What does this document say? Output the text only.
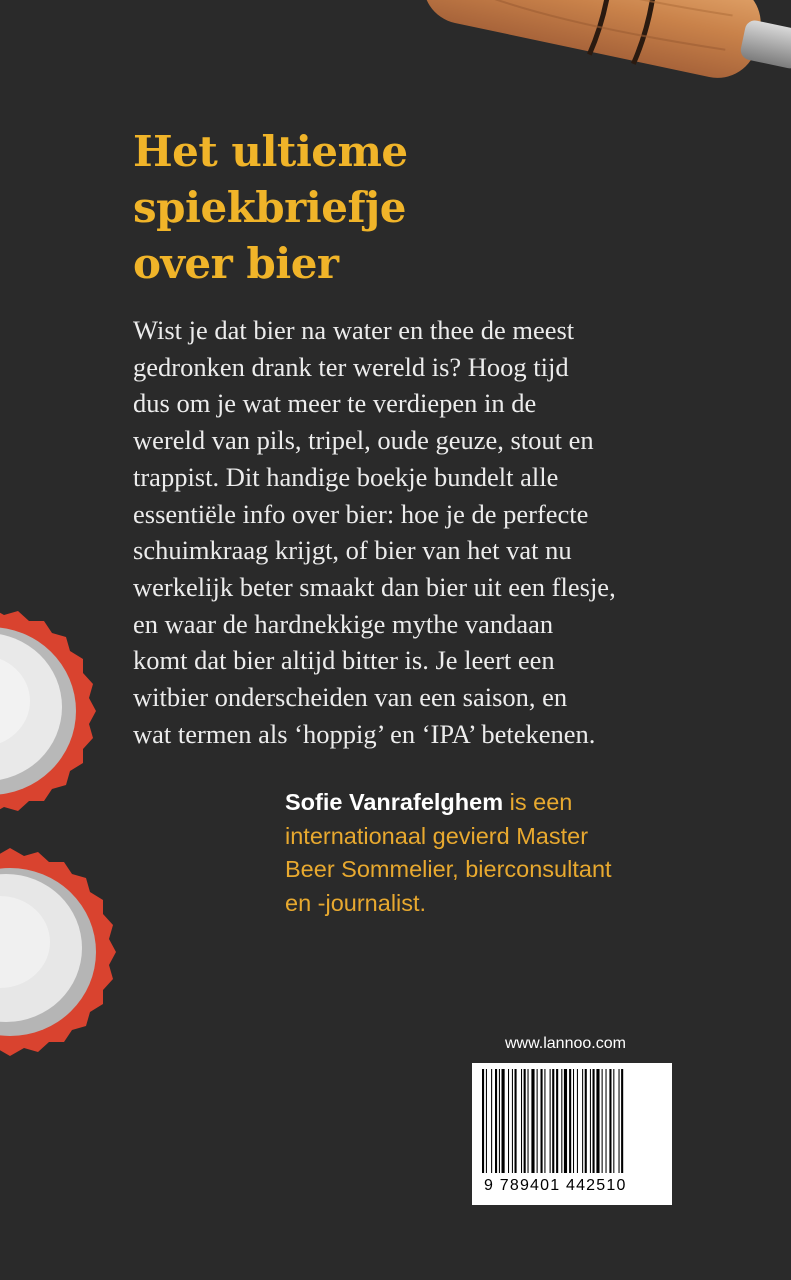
Het ultieme
spiekbriefje
over bier

Wist je dat bier na water en thee de meest
gedronken drank ter wereld is? Hoog tijd
dus om je wat meer te verdiepen in de
wereld van pils, tripel, oude geuze, stout en
trappist. Dit handige boekje bundelt alle
essentiële info over bier: hoe je de perfecte
schuimkraag krijgt, of bier van het vat nu
werkelijk beter smaakt dan bier uit een flesje,
en waar de hardnekkige mythe vandaan
komt dat bier altijd bitter is. Je leert een
witbier onderscheiden van een saison, en
wat termen als ‘hoppig’ en ‘IPA’ betekenen.

Sofie Vanrafelghem is een
internationaal gevierd Master
Beer Sommelier, bierconsultant
en -journalist.

www.lannoo.com
9 789401 442510
